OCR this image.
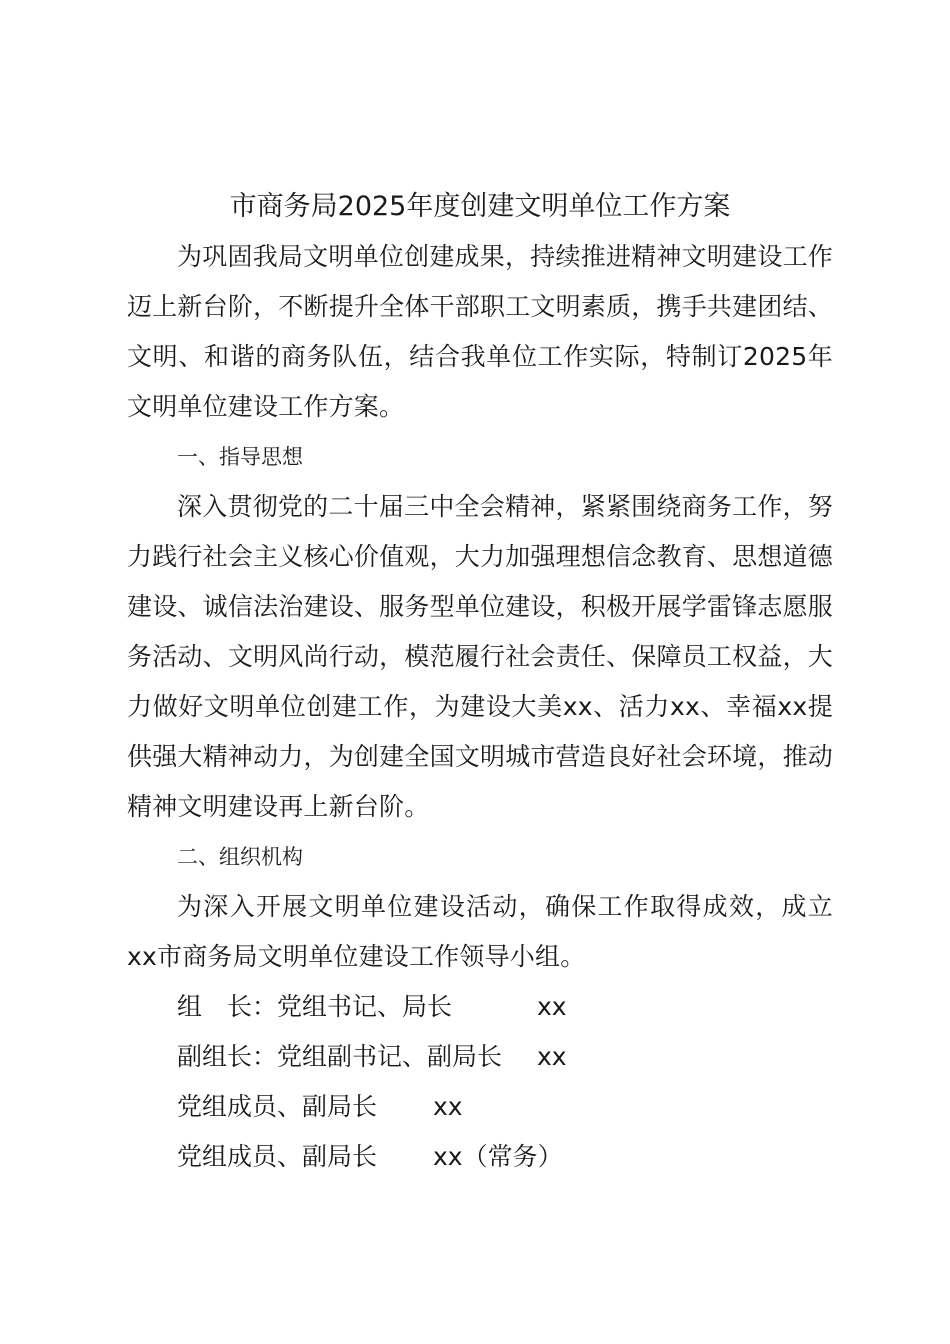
市商务局2025年度创建文明单位工作方案

为巩固我局文明单位创建成果，持续推进精神文明建设工作迈上新台阶，不断提升全体干部职工文明素质，携手共建团结、文明、和谐的商务队伍，结合我单位工作实际，特制订2025年文明单位建设工作方案。

一、指导思想

深入贯彻党的二十届三中全会精神，紧紧围绕商务工作，努力践行社会主义核心价值观，大力加强理想信念教育、思想道德建设、诚信法治建设、服务型单位建设，积极开展学雷锋志愿服务活动、文明风尚行动，模范履行社会责任、保障员工权益，大力做好文明单位创建工作，为建设大美xx、活力xx、幸福xx提供强大精神动力，为创建全国文明城市营造良好社会环境，推动精神文明建设再上新台阶。

二、组织机构

为深入开展文明单位建设活动，确保工作取得成效，成立xx市商务局文明单位建设工作领导小组。

组　长：党组书记、局长	xx
副组长：党组副书记、副局长 xx
党组成员、副局长 xx
党组成员、副局长 xx（常务）
